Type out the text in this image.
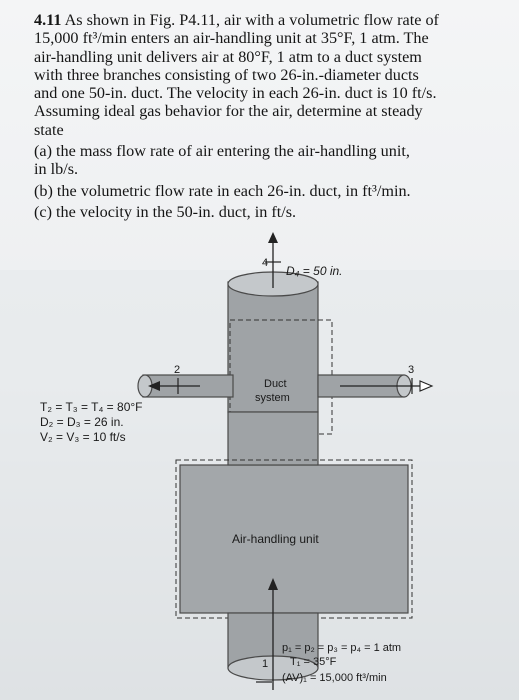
4.11 As shown in Fig. P4.11, air with a volumetric flow rate of

15,000 ft³/min enters an air-handling unit at 35°F, 1 atm. The

air-handling unit delivers air at 80°F, 1 atm to a duct system

with three branches consisting of two 26-in.-diameter ducts

and one 50-in. duct. The velocity in each 26-in. duct is 10 ft/s.

Assuming ideal gas behavior for the air, determine at steady

state

(a) the mass flow rate of air entering the air-handling unit,

in lb/s.

(b) the volumetric flow rate in each 26-in. duct, in ft³/min.

(c) the velocity in the 50-in. duct, in ft/s.

4
D₄ = 50 in.
2	3
Duct
system
T₂ = T₃ = T₄ = 80°F
D₂ = D₃ = 26 in.
V₂ = V₃ = 10 ft/s
Air-handling unit
1
p₁ = p₂ = p₃ = p₄ = 1 atm
T₁ = 35°F
(AV)₁ = 15,000 ft³/min
